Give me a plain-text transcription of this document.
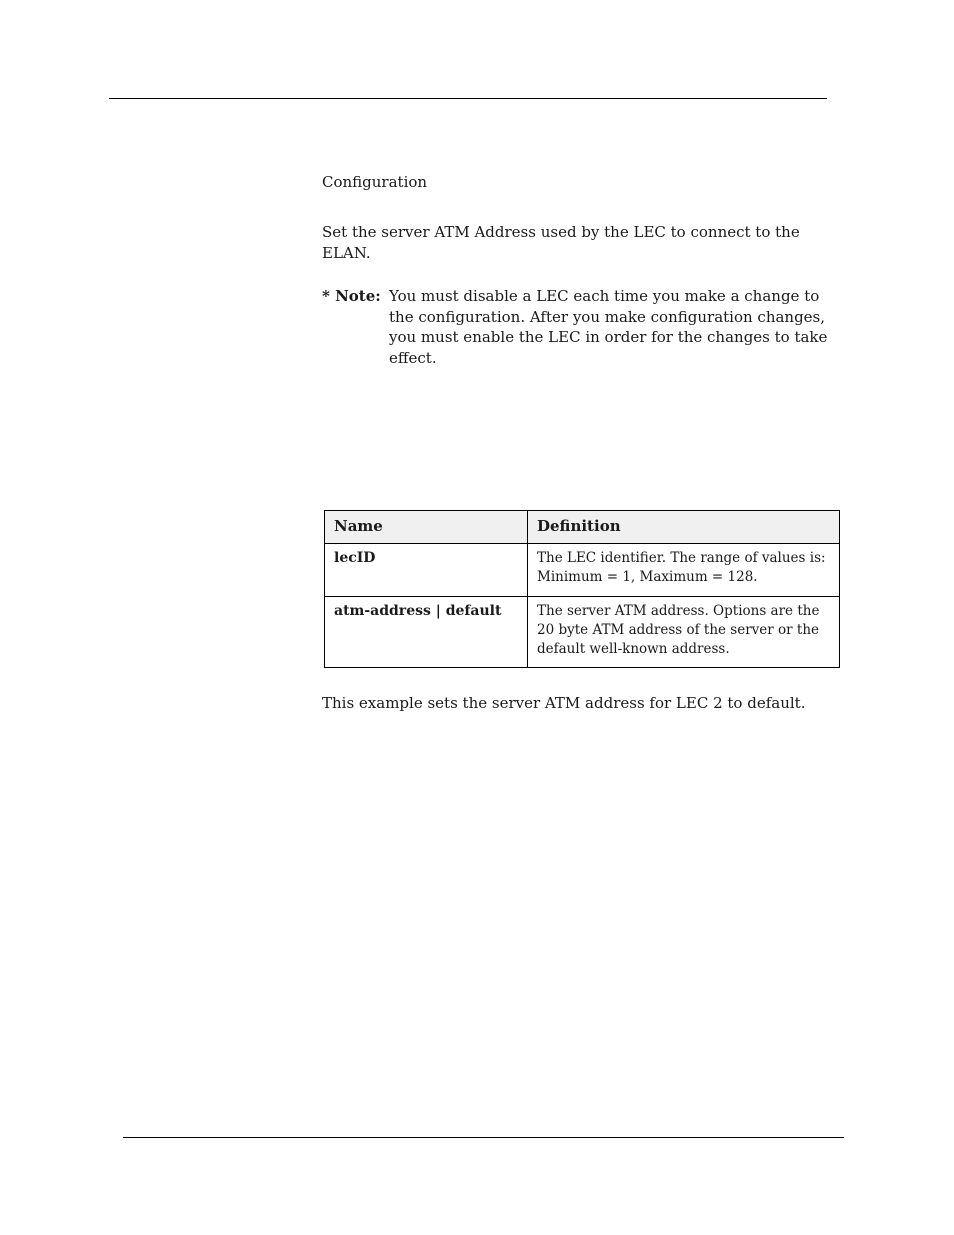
Configuration
Set the server ATM Address used by the LEC to connect to the ELAN.
* Note: You must disable a LEC each time you make a change to the configuration. After you make configuration changes, you must enable the LEC in order for the changes to take effect.
Name	Definition
lecID	The LEC identifier. The range of values is: Minimum = 1, Maximum = 128.
atm-address | default	The server ATM address. Options are the 20 byte ATM address of the server or the default well-known address.
This example sets the server ATM address for LEC 2 to default.
